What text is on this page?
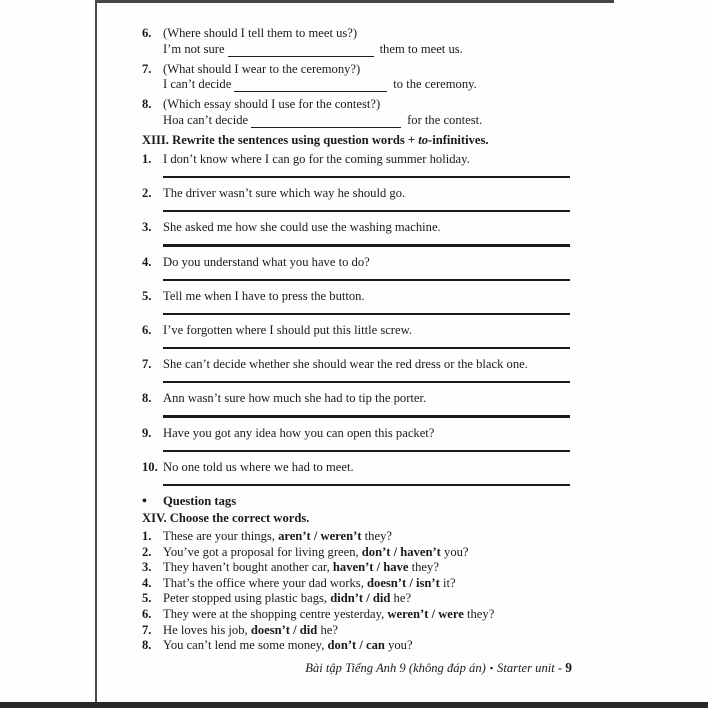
6. (Where should I tell them to meet us?)
I’m not sure	them to meet us.
7. (What should I wear to the ceremony?)
I can’t decide	to the ceremony.
8. (Which essay should I use for the contest?)
Hoa can’t decide	for the contest.
XIII. Rewrite the sentences using question words + to-infinitives.
1. I don’t know where I can go for the coming summer holiday.
2. The driver wasn’t sure which way he should go.
3. She asked me how she could use the washing machine.
4. Do you understand what you have to do?
5. Tell me when I have to press the button.
6. I’ve forgotten where I should put this little screw.
7. She can’t decide whether she should wear the red dress or the black one.
8. Ann wasn’t sure how much she had to tip the porter.
9. Have you got any idea how you can open this packet?
10. No one told us where we had to meet.
•	Question tags
XIV. Choose the correct words.
1. These are your things, aren’t / weren’t they?
2. You’ve got a proposal for living green, don’t / haven’t you?
3. They haven’t bought another car, haven’t / have they?
4. That’s the office where your dad works, doesn’t / isn’t it?
5. Peter stopped using plastic bags, didn’t / did he?
6. They were at the shopping centre yesterday, weren’t / were they?
7. He loves his job, doesn’t / did he?
8. You can’t lend me some money, don’t / can you?
Bài tập Tiếng Anh 9 (không đáp án) ▪ Starter unit - 9
